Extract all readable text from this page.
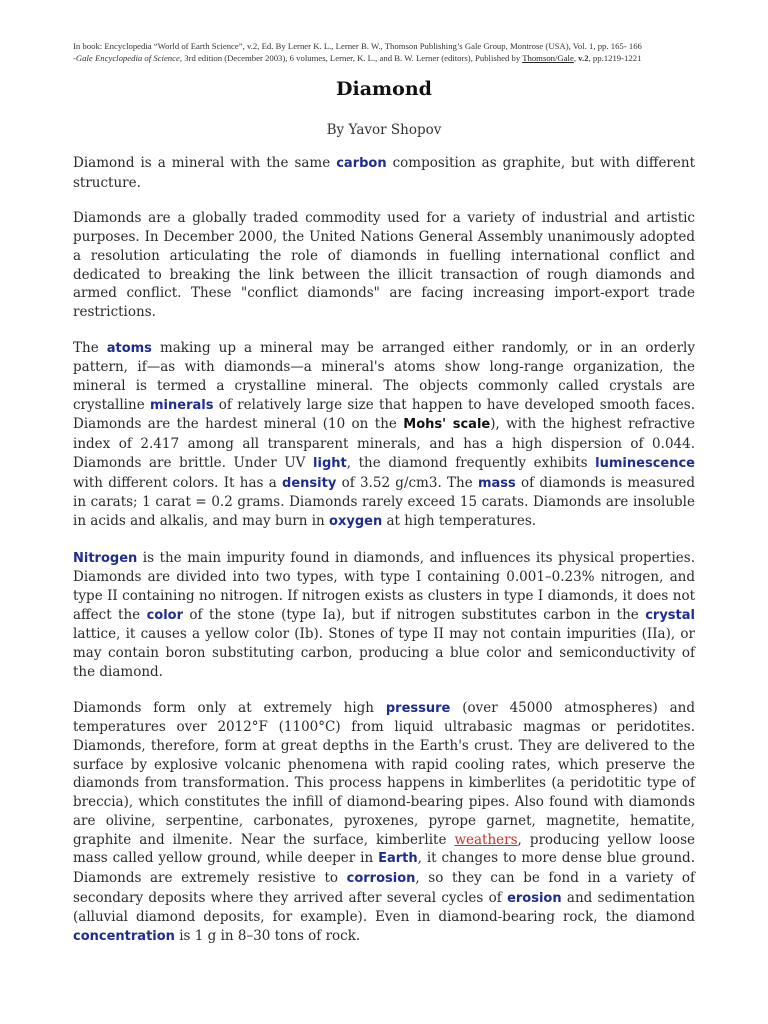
In book: Encyclopedia “World of Earth Science”, v.2, Ed. By Lerner K. L., Lerner B. W., Thomson Publishing’s Gale Group, Montrose (USA), Vol. 1, pp. 165- 166
-Gale Encyclopedia of Science, 3rd edition (December 2003), 6 volumes, Lerner, K. L., and B. W. Lerner (editors), Published by Thomson/Gale, v.2, pp.1219-1221
Diamond
By Yavor Shopov

Diamond is a mineral with the same carbon composition as graphite, but with different structure.

Diamonds are a globally traded commodity used for a variety of industrial and artistic purposes. In December 2000, the United Nations General Assembly unanimously adopted a resolution articulating the role of diamonds in fuelling international conflict and dedicated to breaking the link between the illicit transaction of rough diamonds and armed conflict. These "conflict diamonds" are facing increasing import-export trade restrictions.

The atoms making up a mineral may be arranged either randomly, or in an orderly pattern, if—as with diamonds—a mineral's atoms show long-range organization, the mineral is termed a crystalline mineral. The objects commonly called crystals are crystalline minerals of relatively large size that happen to have developed smooth faces. Diamonds are the hardest mineral (10 on the Mohs' scale), with the highest refractive index of 2.417 among all transparent minerals, and has a high dispersion of 0.044. Diamonds are brittle. Under UV light, the diamond frequently exhibits luminescence with different colors. It has a density of 3.52 g/cm3. The mass of diamonds is measured in carats; 1 carat = 0.2 grams. Diamonds rarely exceed 15 carats. Diamonds are insoluble in acids and alkalis, and may burn in oxygen at high temperatures.

Nitrogen is the main impurity found in diamonds, and influences its physical properties. Diamonds are divided into two types, with type I containing 0.001–0.23% nitrogen, and type II containing no nitrogen. If nitrogen exists as clusters in type I diamonds, it does not affect the color of the stone (type Ia), but if nitrogen substitutes carbon in the crystal lattice, it causes a yellow color (Ib). Stones of type II may not contain impurities (IIa), or may contain boron substituting carbon, producing a blue color and semiconductivity of the diamond.

Diamonds form only at extremely high pressure (over 45000 atmospheres) and temperatures over 2012°F (1100°C) from liquid ultrabasic magmas or peridotites. Diamonds, therefore, form at great depths in the Earth's crust. They are delivered to the surface by explosive volcanic phenomena with rapid cooling rates, which preserve the diamonds from transformation. This process happens in kimberlites (a peridotitic type of breccia), which constitutes the infill of diamond-bearing pipes. Also found with diamonds are olivine, serpentine, carbonates, pyroxenes, pyrope garnet, magnetite, hematite, graphite and ilmenite. Near the surface, kimberlite weathers, producing yellow loose mass called yellow ground, while deeper in Earth, it changes to more dense blue ground. Diamonds are extremely resistive to corrosion, so they can be fond in a variety of secondary deposits where they arrived after several cycles of erosion and sedimentation (alluvial diamond deposits, for example). Even in diamond-bearing rock, the diamond concentration is 1 g in 8–30 tons of rock.
